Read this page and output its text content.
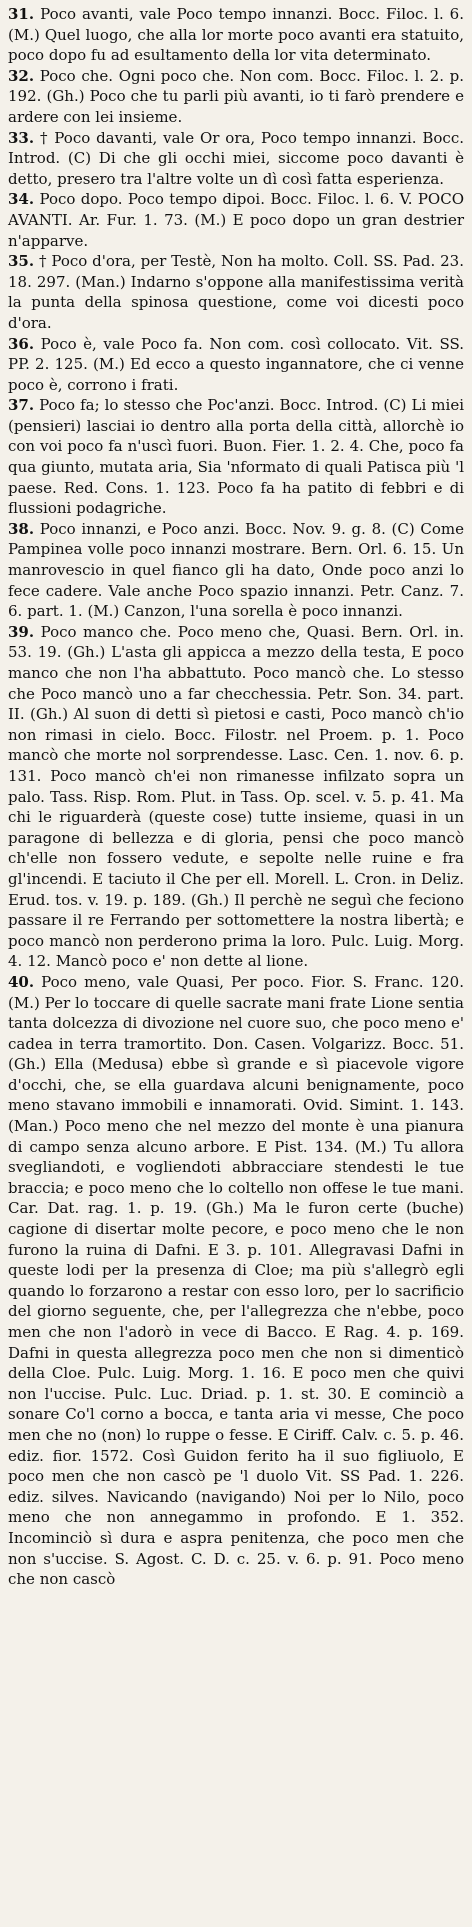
31. Poco avanti, vale Poco tempo innanzi. Bocc. Filoc. l. 6. (M.) Quel luogo, che alla lor morte poco avanti era statuito, poco dopo fu ad esultamento della lor vita determinato.

32. Poco che. Ogni poco che. Non com. Bocc. Filoc. l. 2. p. 192. (Gh.) Poco che tu parli più avanti, io ti farò prendere e ardere con lei insieme.

33. † Poco davanti, vale Or ora, Poco tempo innanzi. Bocc. Introd. (C) Di che gli occhi miei, siccome poco davanti è detto, presero tra l'altre volte un dì così fatta esperienza.

34. Poco dopo. Poco tempo dipoi. Bocc. Filoc. l. 6. V. POCO AVANTI. Ar. Fur. 1. 73. (M.) E poco dopo un gran destrier n'apparve.

35. † Poco d'ora, per Testè, Non ha molto. Coll. SS. Pad. 23. 18. 297. (Man.) Indarno s'oppone alla manifestissima verità la punta della spinosa questione, come voi dicesti poco d'ora.

36. Poco è, vale Poco fa. Non com. così collocato. Vit. SS. PP. 2. 125. (M.) Ed ecco a questo ingannatore, che ci venne poco è, corrono i frati.

37. Poco fa; lo stesso che Poc'anzi. Bocc. Introd. (C) Li miei (pensieri) lasciai io dentro alla porta della città, allorchè io con voi poco fa n'uscì fuori. Buon. Fier. 1. 2. 4. Che, poco fa qua giunto, mutata aria, Sia 'nformato di quali Patisca più 'l paese. Red. Cons. 1. 123. Poco fa ha patito di febbri e di flussioni podagriche.

38. Poco innanzi, e Poco anzi. Bocc. Nov. 9. g. 8. (C) Come Pampinea volle poco innanzi mostrare. Bern. Orl. 6. 15. Un manrovescio in quel fianco gli ha dato, Onde poco anzi lo fece cadere. Vale anche Poco spazio innanzi. Petr. Canz. 7. 6. part. 1. (M.) Canzon, l'una sorella è poco innanzi.

39. Poco manco che. Poco meno che, Quasi. Bern. Orl. in. 53. 19. (Gh.) L'asta gli appicca a mezzo della testa, E poco manco che non l'ha abbattuto. Poco mancò che. Lo stesso che Poco mancò uno a far checchessia. Petr. Son. 34. part. II. (Gh.) Al suon di detti sì pietosi e casti, Poco mancò ch'io non rimasi in cielo. Bocc. Filostr. nel Proem. p. 1. Poco mancò che morte nol sorprendesse. Lasc. Cen. 1. nov. 6. p. 131. Poco mancò ch'ei non rimanesse infilzato sopra un palo. Tass. Risp. Rom. Plut. in Tass. Op. scel. v. 5. p. 41. Ma chi le riguarderà (queste cose) tutte insieme, quasi in un paragone di bellezza e di gloria, pensi che poco mancò ch'elle non fossero vedute, e sepolte nelle ruine e fra gl'incendi. E taciuto il Che per ell. Morell. L. Cron. in Deliz. Erud. tos. v. 19. p. 189. (Gh.) Il perchè ne seguì che feciono passare il re Ferrando per sottomettere la nostra libertà; e poco mancò non perderono prima la loro. Pulc. Luig. Morg. 4. 12. Mancò poco e' non dette al lione.

40. Poco meno, vale Quasi, Per poco. Fior. S. Franc. 120. (M.) Per lo toccare di quelle sacrate mani frate Lione sentia tanta dolcezza di divozione nel cuore suo, che poco meno e' cadea in terra tramortito. Don. Casen. Volgarizz. Bocc. 51. (Gh.) Ella (Medusa) ebbe sì grande e sì piacevole vigore d'occhi, che, se ella guardava alcuni benignamente, poco meno stavano immobili e innamorati. Ovid. Simint. 1. 143. (Man.) Poco meno che nel mezzo del monte è una pianura di campo senza alcuno arbore. E Pist. 134. (M.) Tu allora svegliandoti, e vogliendoti abbracciare stendesti le tue braccia; e poco meno che lo coltello non offese le tue mani. Car. Dat. rag. 1. p. 19. (Gh.) Ma le furon certe (buche) cagione di disertar molte pecore, e poco meno che le non furono la ruina di Dafni. E 3. p. 101. Allegravasi Dafni in queste lodi per la presenza di Cloe; ma più s'allegrò egli quando lo forzarono a restar con esso loro, per lo sacrificio del giorno seguente, che, per l'allegrezza che n'ebbe, poco men che non l'adorò in vece di Bacco. E Rag. 4. p. 169. Dafni in questa allegrezza poco men che non si dimenticò della Cloe. Pulc. Luig. Morg. 1. 16. E poco men che quivi non l'uccise. Pulc. Luc. Driad. p. 1. st. 30. E cominciò a sonare Co'l corno a bocca, e tanta aria vi messe, Che poco men che no (non) lo ruppe o fesse. E Ciriff. Calv. c. 5. p. 46. ediz. fior. 1572. Così Guidon ferito ha il suo figliuolo, E poco men che non cascò pe 'l duolo Vit. SS Pad. 1. 226. ediz. silves. Navicando (navigando) Noi per lo Nilo, poco meno che non annegammo in profondo. E 1. 352. Incominciò sì dura e aspra penitenza, che poco men che non s'uccise. S. Agost. C. D. c. 25. v. 6. p. 91. Poco meno che non cascò
